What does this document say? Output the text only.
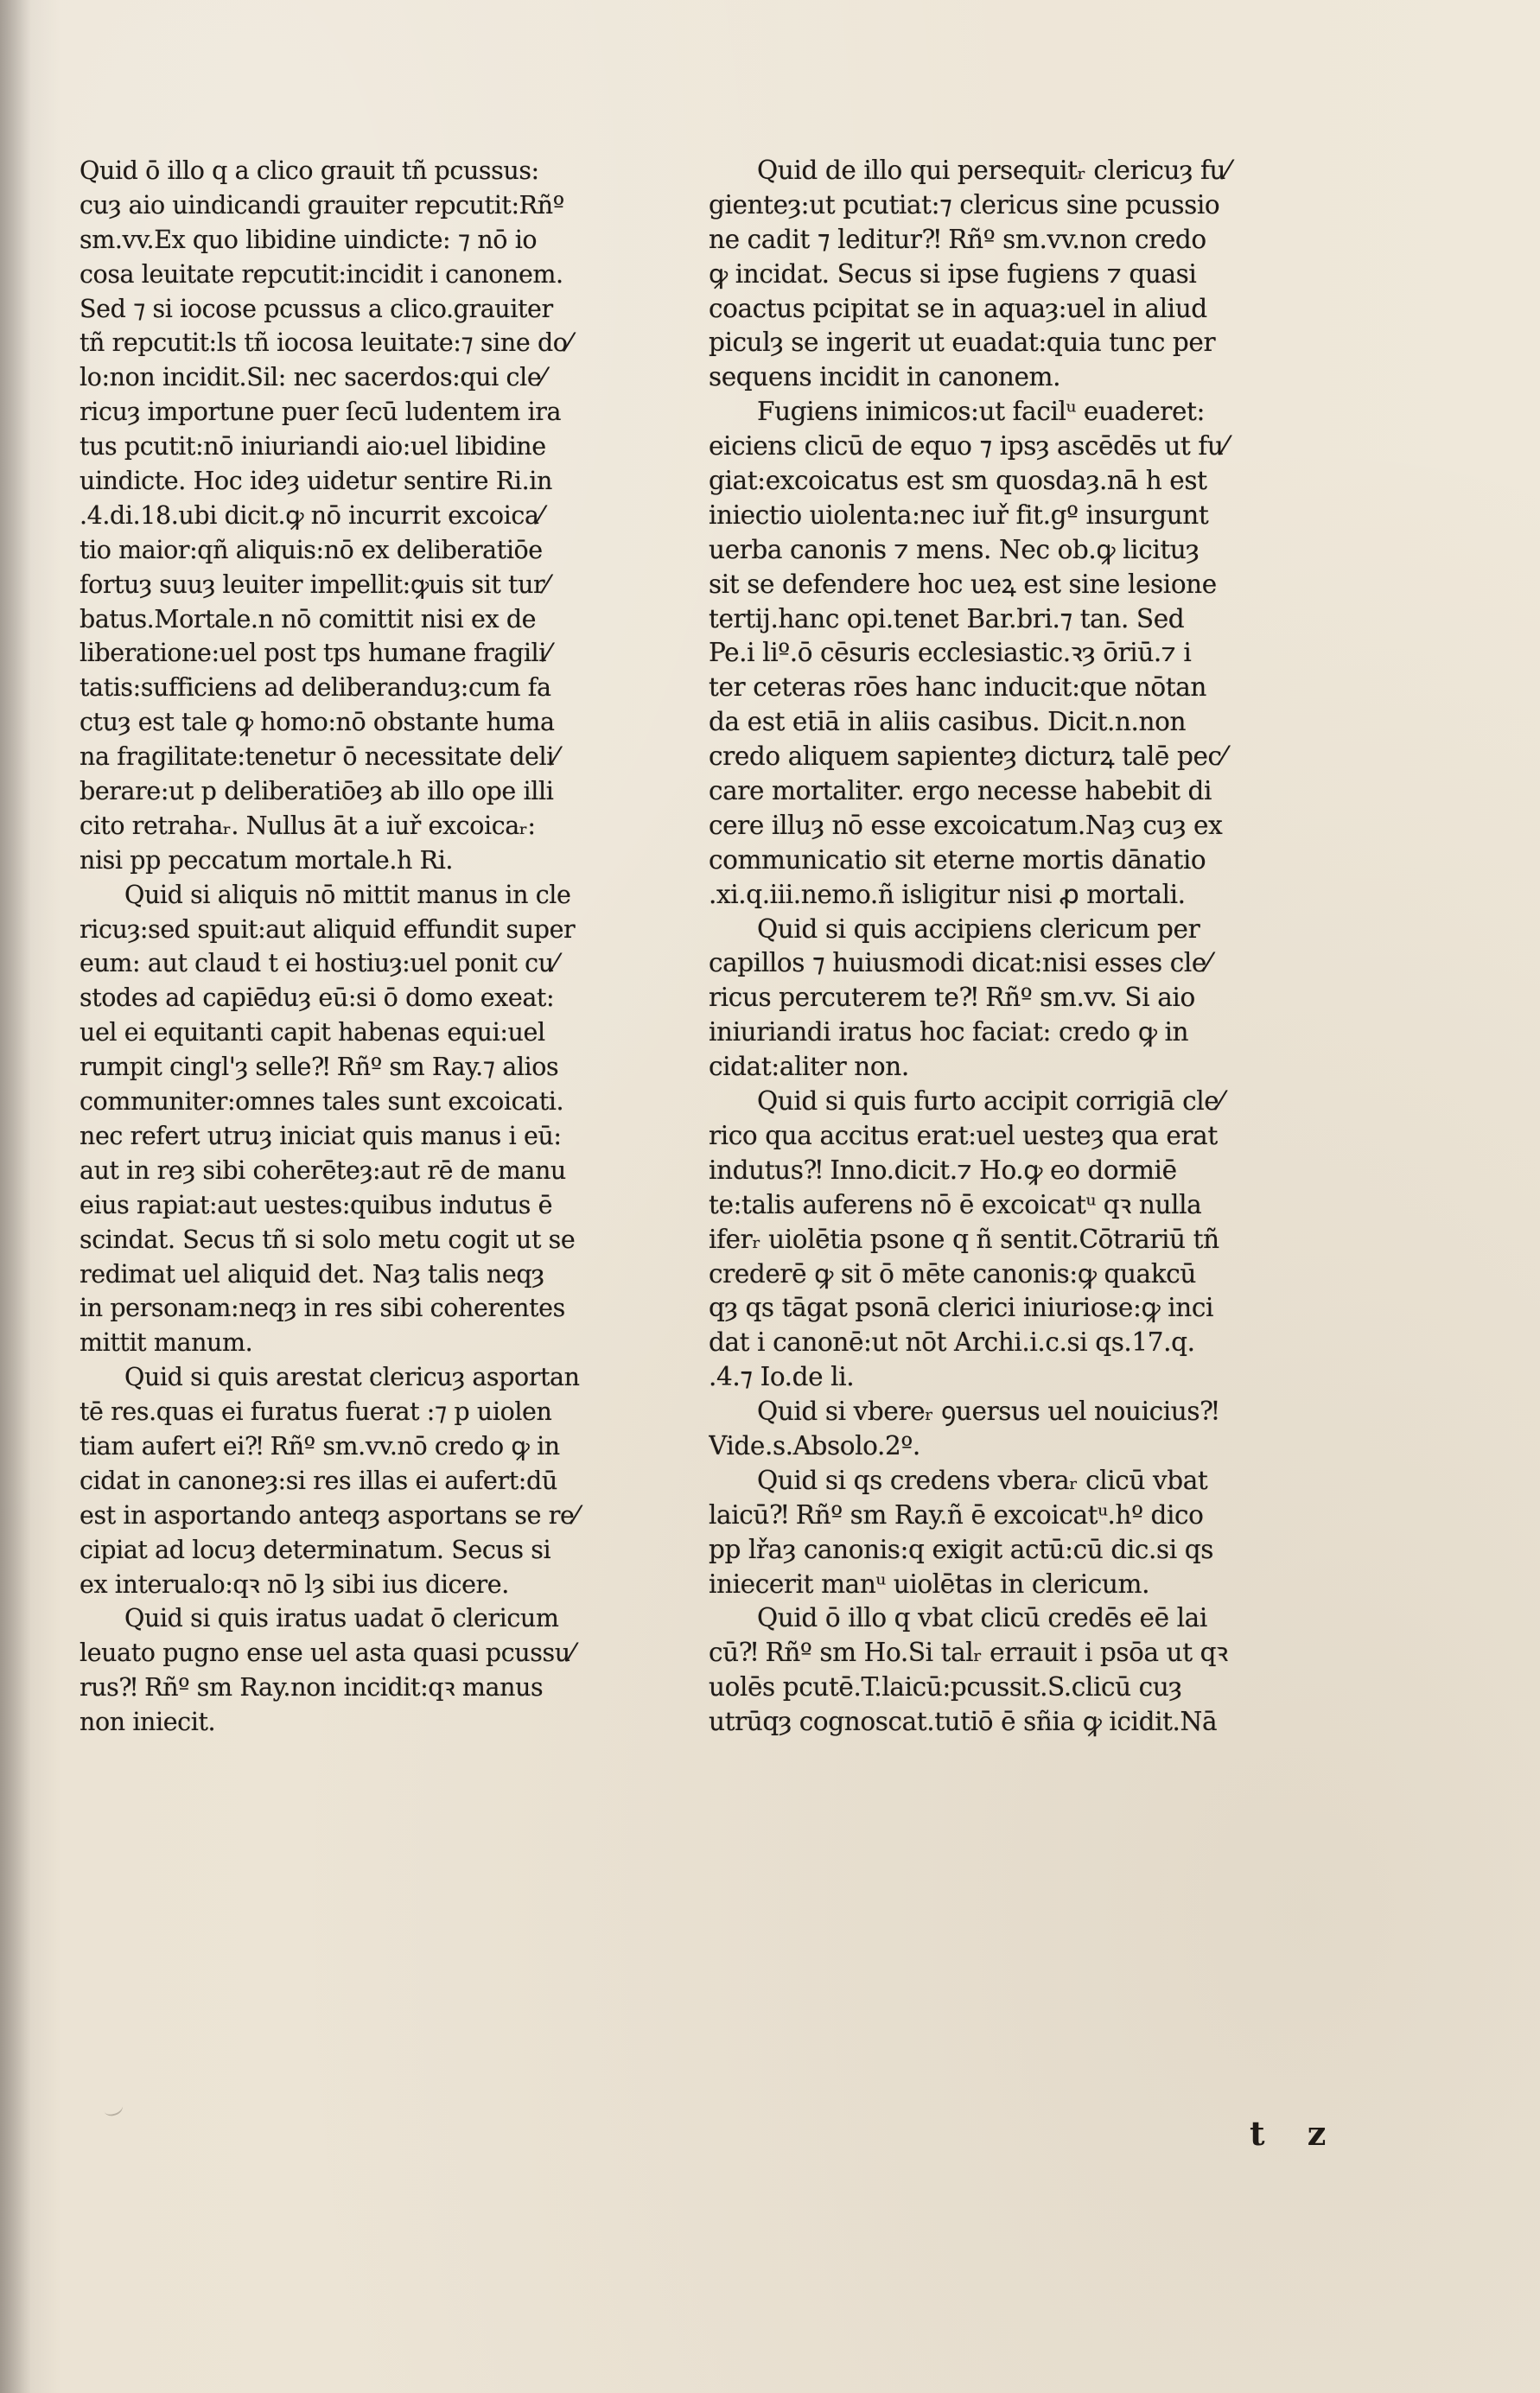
Quid ō illo q a clico grauit tñ pcussus:
cuȝ aio uindicandi grauiter repcutit:Rñº
sm.vv.Ex quo libidine uindicte: ⁊ nō io
cosa leuitate repcutit:incidit i canonem.
Sed ⁊ si iocose pcussus a clico.grauiter
tñ repcutit:ls tñ iocosa leuitate:⁊ sine do⁄
lo:non incidit.Sil: nec sacerdos:qui cle⁄
ricuȝ importune puer ſecū ludentem ira
tus pcutit:nō iniuriandi aio:uel libidine
uindicte. Hoc ideȝ uidetur sentire Ri.in
.4.di.18.ubi dicit.ꝙ nō incurrit excoica⁄
tio maior:qñ aliquis:nō ex deliberatiōe
fortuȝ suuȝ leuiter impellit:ꝙuis sit tur⁄
batus.Mortale.n nō comittit nisi ex de
liberatione:uel post tps humane fragili⁄
tatis:sufficiens ad deliberanduȝ:cum fa
ctuȝ est tale ꝙ homo:nō obstante huma
na fragilitate:tenetur ō necessitate deli⁄
berare:ut p deliberatiōeȝ ab illo ope illi
cito retrahaᵣ. Nullus āt a iuř excoicaᵣ:
nisi pp peccatum mortale.h Ri.
Quid si aliquis nō mittit manus in cle
ricuȝ:sed spuit:aut aliquid effundit super
eum: aut claud t ei hostiuȝ:uel ponit cu⁄
stodes ad capiēduȝ eū:si ō domo exeat:
uel ei equitanti capit habenas equi:uel
rumpit cingl'ȝ selle⁈ Rñº sm Ray.⁊ alios
communiter:omnes tales sunt excoicati.
nec refert utruȝ iniciat quis manus i eū:
aut in reȝ sibi coherēteȝ:aut rē de manu
eius rapiat:aut uestes:quibus indutus ē
scindat. Secus tñ si solo metu cogit ut se
redimat uel aliquid det. Naȝ talis neqȝ
in personam:neqȝ in res sibi coherentes
mittit manum.
Quid si quis arestat clericuȝ asportan
tē res.quas ei furatus fuerat :⁊ p uiolen
tiam aufert ei⁈ Rñº sm.vv.nō credo ꝙ in
cidat in canoneȝ:si res illas ei aufert:dū
est in asportando anteqȝ asportans se re⁄
cipiat ad locuȝ determinatum. Secus si
ex interualo:qꝛ nō lȝ sibi ius dicere.
Quid si quis iratus uadat ō clericum
leuato pugno ense uel asta quasi pcussu⁄
rus⁈ Rñº sm Ray.non incidit:qꝛ manus
non iniecit.
Quid de illo qui persequitᵣ clericuȝ fu⁄
gienteȝ:ut pcutiat:⁊ clericus sine pcussio
ne cadit ⁊ leditur⁈ Rñº sm.vv.non credo
ꝙ incidat. Secus si ipse fugiens ⁊ quasi
coactus pcipitat se in aquaȝ:uel in aliud
piculȝ se ingerit ut euadat:quia tunc per
sequens incidit in canonem.
Fugiens inimicos:ut facilᵘ euaderet:
eiciens clicū de equo ⁊ ipsȝ ascēdēs ut fu⁄
giat:excoicatus est sm quosdaȝ.nā h est
iniectio uiolenta:nec iuř fit.gº insurgunt
uerba canonis ⁊ mens. Nec ob.ꝙ licituȝ
sit se defendere hoc ueꝝ est sine lesione
tertij.hanc opi.tenet Bar.bri.⁊ tan. Sed
Pe.i liº.ō cēsuris ecclesiastic.ꝛȝ ōriū.⁊ i
ter ceteras rōes hanc inducit:que nōtan
da est etiā in aliis casibus. Dicit.n.non
credo aliquem sapienteȝ dicturꝝ talē pec⁄
care mortaliter. ergo necesse habebit di
cere illuȝ nō esse excoicatum.Naȝ cuȝ ex
communicatio sit eterne mortis dānatio
.xi.q.iii.nemo.ñ isligitur nisi ꝓ mortali.
Quid si quis accipiens clericum per
capillos ⁊ huiusmodi dicat:nisi esses cle⁄
ricus percuterem te⁈ Rñº sm.vv. Si aio
iniuriandi iratus hoc faciat: credo ꝙ in
cidat:aliter non.
Quid si quis furto accipit corrigiā cle⁄
rico qua accitus erat:uel uesteȝ qua erat
indutus⁈ Inno.dicit.⁊ Ho.ꝙ eo dormiē
te:talis auferens nō ē excoicatᵘ qꝛ nulla
iferᵣ uiolētia psone q ñ sentit.Cōtrariū tñ
crederē ꝙ sit ō mēte canonis:ꝙ quakcū
qȝ qs tāgat psonā clerici iniuriose:ꝙ inci
dat i canonē:ut nōt Archi.i.c.si qs.17.q.
.4.⁊ Io.de li.
Quid si vbereᵣ ꝯuersus uel nouicius⁈
Vide.s.Absolo.2º.
Quid si qs credens vberaᵣ clicū vbat
laicū⁈ Rñº sm Ray.ñ ē excoicatᵘ.hº dico
pp lřaȝ canonis:q exigit actū:cū dic.si qs
iniecerit manᵘ uiolētas in clericum.
Quid ō illo q vbat clicū credēs eē lai
cū⁈ Rñº sm Ho.Si talᵣ errauit i psōa ut qꝛ
uolēs pcutē.T.laicū:pcussit.S.clicū cuȝ
utrūqȝ cognoscat.tutiō ē sñia ꝙ icidit.Nā
t z
